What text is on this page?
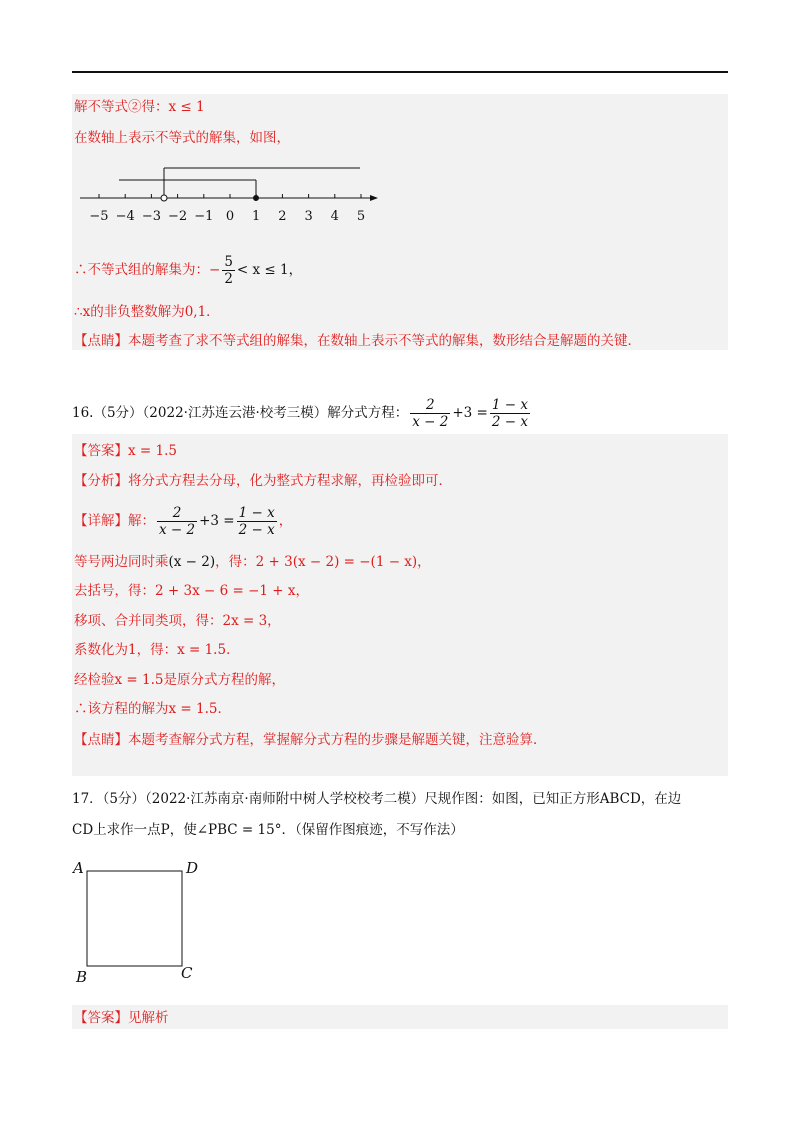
解不等式②得：x ≤ 1
在数轴上表示不等式的解集，如图，
−5 −4 −3 −2 −1 0 1 2 3 4 5
∴不等式组的解集为：− $\frac{5}{2} < x \le 1$，
∴x的非负整数解为0,1．
【点睛】本题考查了求不等式组的解集，在数轴上表示不等式的解集，数形结合是解题的关键．
16.（5分）（2022·江苏连云港·校考三模）解分式方程： $\frac{2}{x - 2} +3 = \frac{1 - x}{2 - x}$
【答案】x = 1.5
【分析】将分式方程去分母，化为整式方程求解，再检验即可．
【详解】解： $\frac{2}{x - 2} +3 = \frac{1 - x}{2 - x}$ ，
等号两边同时乘(x − 2)，得：2 + 3(x − 2) = −(1 − x)，
去括号，得：2 + 3x − 6 = −1 + x，
移项、合并同类项，得：2x = 3，
系数化为1，得：x = 1.5．
经检验x = 1.5是原分式方程的解，
∴该方程的解为x = 1.5．
【点睛】本题考查解分式方程，掌握解分式方程的步骤是解题关键，注意验算．
17．（5分）（2022·江苏南京·南师附中树人学校校考二模）尺规作图：如图，已知正方形ABCD，在边
CD上求作一点P，使∠PBC = 15°．（保留作图痕迹，不写作法）
A	D
B	C
【答案】见解析
